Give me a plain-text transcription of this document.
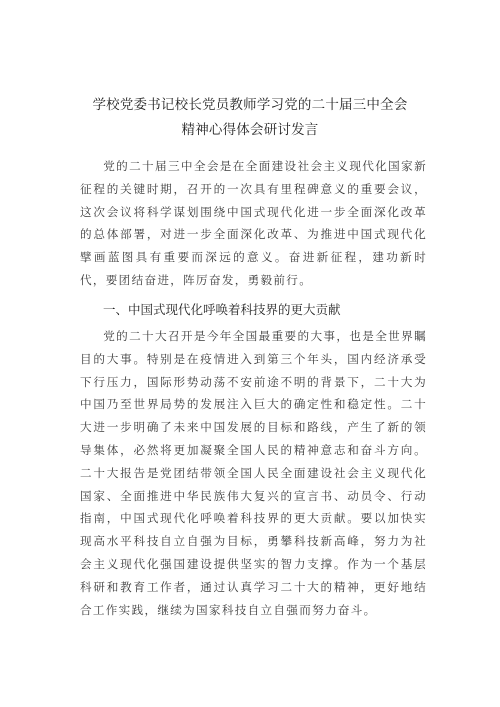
学校党委书记校长党员教师学习党的二十届三中全会
精神心得体会研讨发言

党的二十届三中全会是在全面建设社会主义现代化国家新征程的关键时期，召开的一次具有里程碑意义的重要会议，这次会议将科学谋划围绕中国式现代化进一步全面深化改革的总体部署，对进一步全面深化改革、为推进中国式现代化擘画蓝图具有重要而深远的意义。奋进新征程，建功新时代，要团结奋进，阵厉奋发，勇毅前行。

一、中国式现代化呼唤着科技界的更大贡献

党的二十大召开是今年全国最重要的大事，也是全世界瞩目的大事。特别是在疫情进入到第三个年头，国内经济承受下行压力，国际形势动荡不安前途不明的背景下，二十大为中国乃至世界局势的发展注入巨大的确定性和稳定性。二十大进一步明确了未来中国发展的目标和路线，产生了新的领导集体，必然将更加凝聚全国人民的精神意志和奋斗方向。二十大报告是党团结带领全国人民全面建设社会主义现代化国家、全面推进中华民族伟大复兴的宣言书、动员令、行动指南，中国式现代化呼唤着科技界的更大贡献。要以加快实现高水平科技自立自强为目标，勇攀科技新高峰，努力为社会主义现代化强国建设提供坚实的智力支撑。作为一个基层科研和教育工作者，通过认真学习二十大的精神，更好地结合工作实践，继续为国家科技自立自强而努力奋斗。
